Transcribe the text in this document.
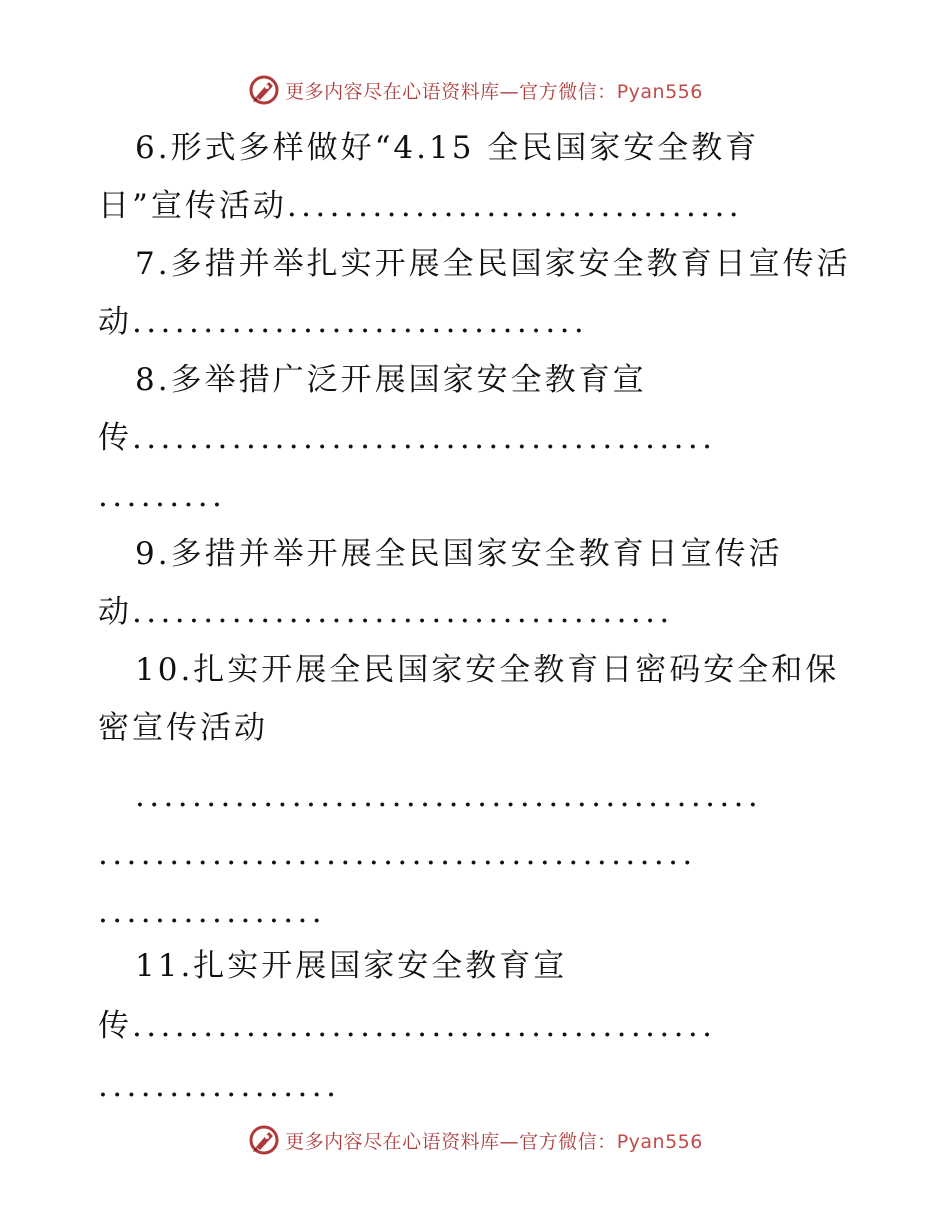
更多内容尽在心语资料库—官方微信：Pyan556
6.形式多样做好“4.15 全民国家安全教育
日”宣传活动................................
7.多措并举扎实开展全民国家安全教育日宣传活
动................................
8.多举措广泛开展国家安全教育宣
传.........................................
.........
9.多措并举开展全民国家安全教育日宣传活
动......................................
10.扎实开展全民国家安全教育日密码安全和保
密宣传活动
............................................
..........................................
................
11.扎实开展国家安全教育宣
传.........................................
.................
更多内容尽在心语资料库—官方微信：Pyan556
